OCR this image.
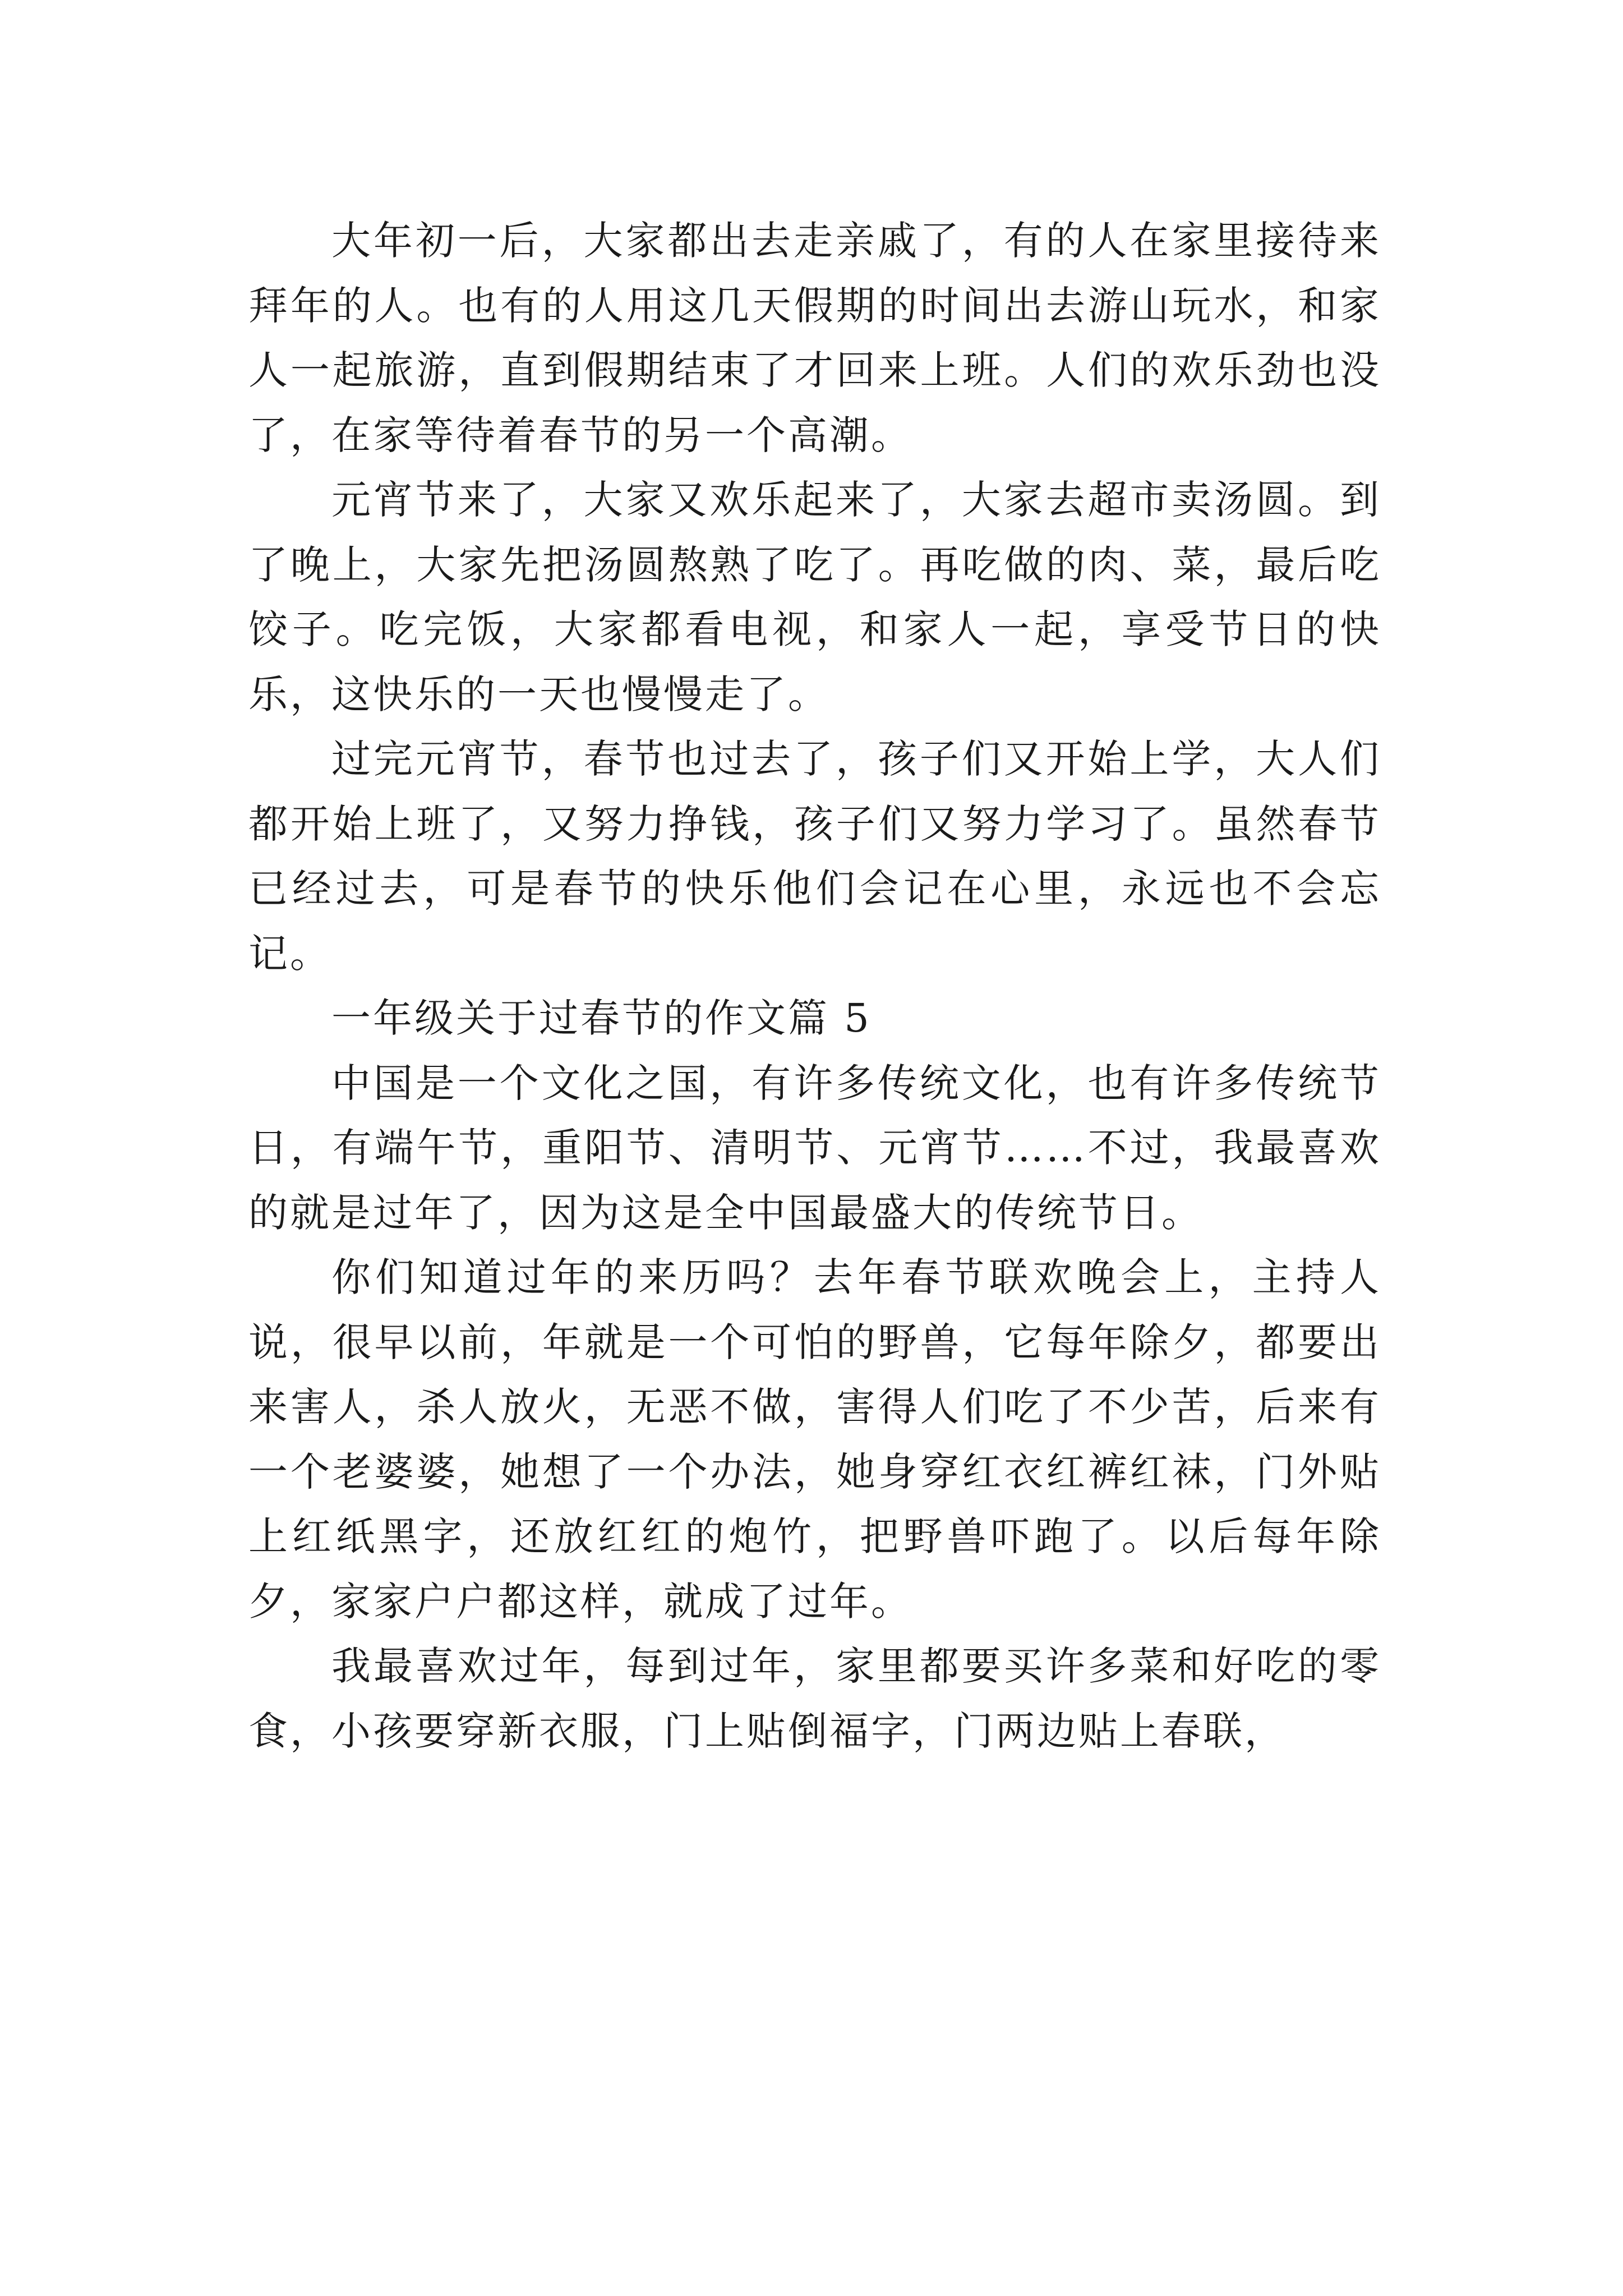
大年初一后，大家都出去走亲戚了，有的人在家里接待来拜年的人。也有的人用这几天假期的时间出去游山玩水，和家人一起旅游，直到假期结束了才回来上班。人们的欢乐劲也没了，在家等待着春节的另一个高潮。

元宵节来了，大家又欢乐起来了，大家去超市卖汤圆。到了晚上，大家先把汤圆熬熟了吃了。再吃做的肉、菜，最后吃饺子。吃完饭，大家都看电视，和家人一起，享受节日的快乐，这快乐的一天也慢慢走了。

过完元宵节，春节也过去了，孩子们又开始上学，大人们都开始上班了，又努力挣钱，孩子们又努力学习了。虽然春节已经过去，可是春节的快乐他们会记在心里，永远也不会忘记。

一年级关于过春节的作文篇 5

中国是一个文化之国，有许多传统文化，也有许多传统节日，有端午节，重阳节、清明节、元宵节……不过，我最喜欢的就是过年了，因为这是全中国最盛大的传统节日。

你们知道过年的来历吗？去年春节联欢晚会上，主持人说，很早以前，年就是一个可怕的野兽，它每年除夕，都要出来害人，杀人放火，无恶不做，害得人们吃了不少苦，后来有一个老婆婆，她想了一个办法，她身穿红衣红裤红袜，门外贴上红纸黑字，还放红红的炮竹，把野兽吓跑了。以后每年除夕，家家户户都这样，就成了过年。

我最喜欢过年，每到过年，家里都要买许多菜和好吃的零食，小孩要穿新衣服，门上贴倒福字，门两边贴上春联，
